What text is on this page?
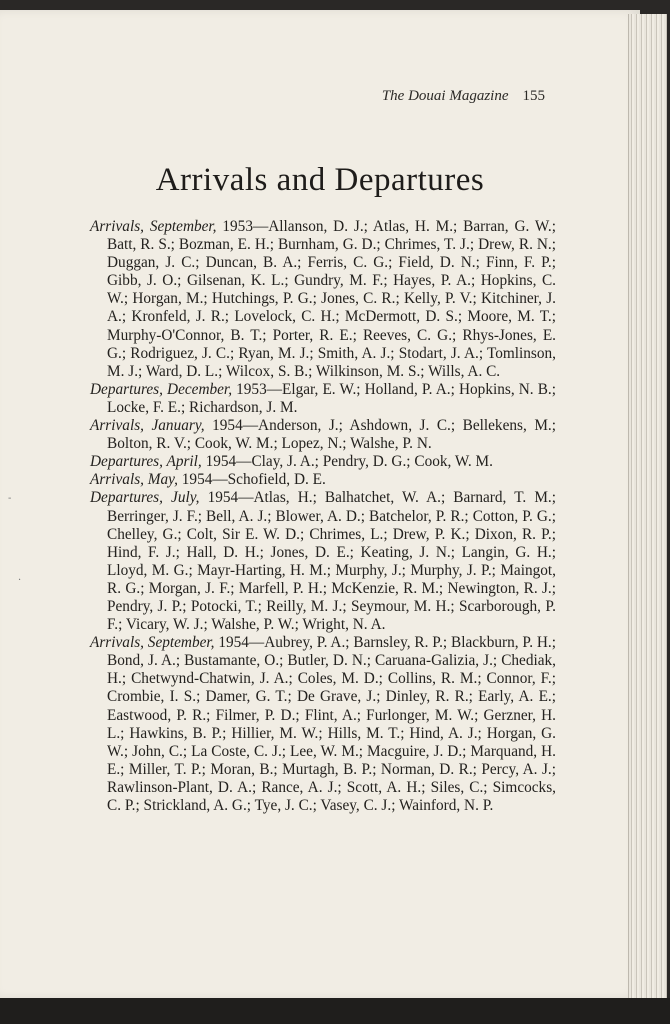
-
·
The Douai Magazine 155
Arrivals and Departures

Arrivals, September, 1953—Allanson, D. J.; Atlas, H. M.; Barran, G. W.; Batt, R. S.; Bozman, E. H.; Burnham, G. D.; Chrimes, T. J.; Drew, R. N.; Duggan, J. C.; Duncan, B. A.; Ferris, C. G.; Field, D. N.; Finn, F. P.; Gibb, J. O.; Gilsenan, K. L.; Gundry, M. F.; Hayes, P. A.; Hopkins, C. W.; Horgan, M.; Hutchings, P. G.; Jones, C. R.; Kelly, P. V.; Kitchiner, J. A.; Kronfeld, J. R.; Lovelock, C. H.; McDermott, D. S.; Moore, M. T.; Murphy-O'Connor, B. T.; Porter, R. E.; Reeves, C. G.; Rhys-Jones, E. G.; Rodriguez, J. C.; Ryan, M. J.; Smith, A. J.; Stodart, J. A.; Tomlinson, M. J.; Ward, D. L.; Wilcox, S. B.; Wilkinson, M. S.; Wills, A. C.

Departures, December, 1953—Elgar, E. W.; Holland, P. A.; Hopkins, N. B.; Locke, F. E.; Richardson, J. M.

Arrivals, January, 1954—Anderson, J.; Ashdown, J. C.; Bellekens, M.; Bolton, R. V.; Cook, W. M.; Lopez, N.; Walshe, P. N.

Departures, April, 1954—Clay, J. A.; Pendry, D. G.; Cook, W. M.

Arrivals, May, 1954—Schofield, D. E.

Departures, July, 1954—Atlas, H.; Balhatchet, W. A.; Barnard, T. M.; Berringer, J. F.; Bell, A. J.; Blower, A. D.; Batchelor, P. R.; Cotton, P. G.; Chelley, G.; Colt, Sir E. W. D.; Chrimes, L.; Drew, P. K.; Dixon, R. P.; Hind, F. J.; Hall, D. H.; Jones, D. E.; Keating, J. N.; Langin, G. H.; Lloyd, M. G.; Mayr-Harting, H. M.; Murphy, J.; Murphy, J. P.; Maingot, R. G.; Morgan, J. F.; Marfell, P. H.; McKenzie, R. M.; Newington, R. J.; Pendry, J. P.; Potocki, T.; Reilly, M. J.; Seymour, M. H.; Scarborough, P. F.; Vicary, W. J.; Walshe, P. W.; Wright, N. A.

Arrivals, September, 1954—Aubrey, P. A.; Barnsley, R. P.; Blackburn, P. H.; Bond, J. A.; Bustamante, O.; Butler, D. N.; Caruana-Galizia, J.; Chediak, H.; Chetwynd-Chatwin, J. A.; Coles, M. D.; Collins, R. M.; Connor, F.; Crombie, I. S.; Damer, G. T.; De Grave, J.; Dinley, R. R.; Early, A. E.; Eastwood, P. R.; Filmer, P. D.; Flint, A.; Furlonger, M. W.; Gerzner, H. L.; Hawkins, B. P.; Hillier, M. W.; Hills, M. T.; Hind, A. J.; Horgan, G. W.; John, C.; La Coste, C. J.; Lee, W. M.; Macguire, J. D.; Marquand, H. E.; Miller, T. P.; Moran, B.; Murtagh, B. P.; Norman, D. R.; Percy, A. J.; Rawlinson-Plant, D. A.; Rance, A. J.; Scott, A. H.; Siles, C.; Simcocks, C. P.; Strickland, A. G.; Tye, J. C.; Vasey, C. J.; Wainford, N. P.
